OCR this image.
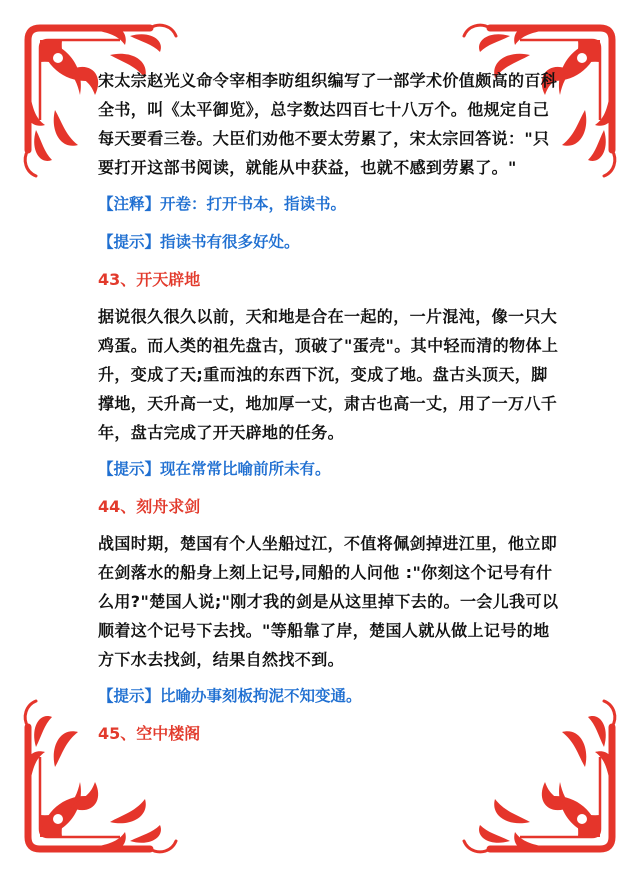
宋太宗赵光义命令宰相李昉组织编写了一部学术价值颇高的百科全书，叫《太平御览》，总字数达四百七十八万个。他规定自己每天要看三卷。大臣们劝他不要太劳累了，宋太宗回答说："只要打开这部书阅读，就能从中获益，也就不感到劳累了。"

【注释】开卷：打开书本，指读书。

【提示】指读书有很多好处。

43、开天辟地

据说很久很久以前，天和地是合在一起的，一片混沌，像一只大鸡蛋。而人类的祖先盘古，顶破了"蛋壳"。其中轻而清的物体上升，变成了天;重而浊的东西下沉，变成了地。盘古头顶天，脚撑地，天升高一丈，地加厚一丈，肃古也高一丈，用了一万八千年，盘古完成了开天辟地的任务。

【提示】现在常常比喻前所未有。

44、刻舟求剑

战国时期，楚国有个人坐船过江，不值将佩剑掉进江里，他立即在剑落水的船身上刻上记号,同船的人问他 :"你刻这个记号有什么用?"楚国人说;"刚才我的剑是从这里掉下去的。一会儿我可以顺着这个记号下去找。"等船靠了岸，楚国人就从做上记号的地方下水去找剑，结果自然找不到。

【提示】比喻办事刻板拘泥不知变通。

45、空中楼阁
